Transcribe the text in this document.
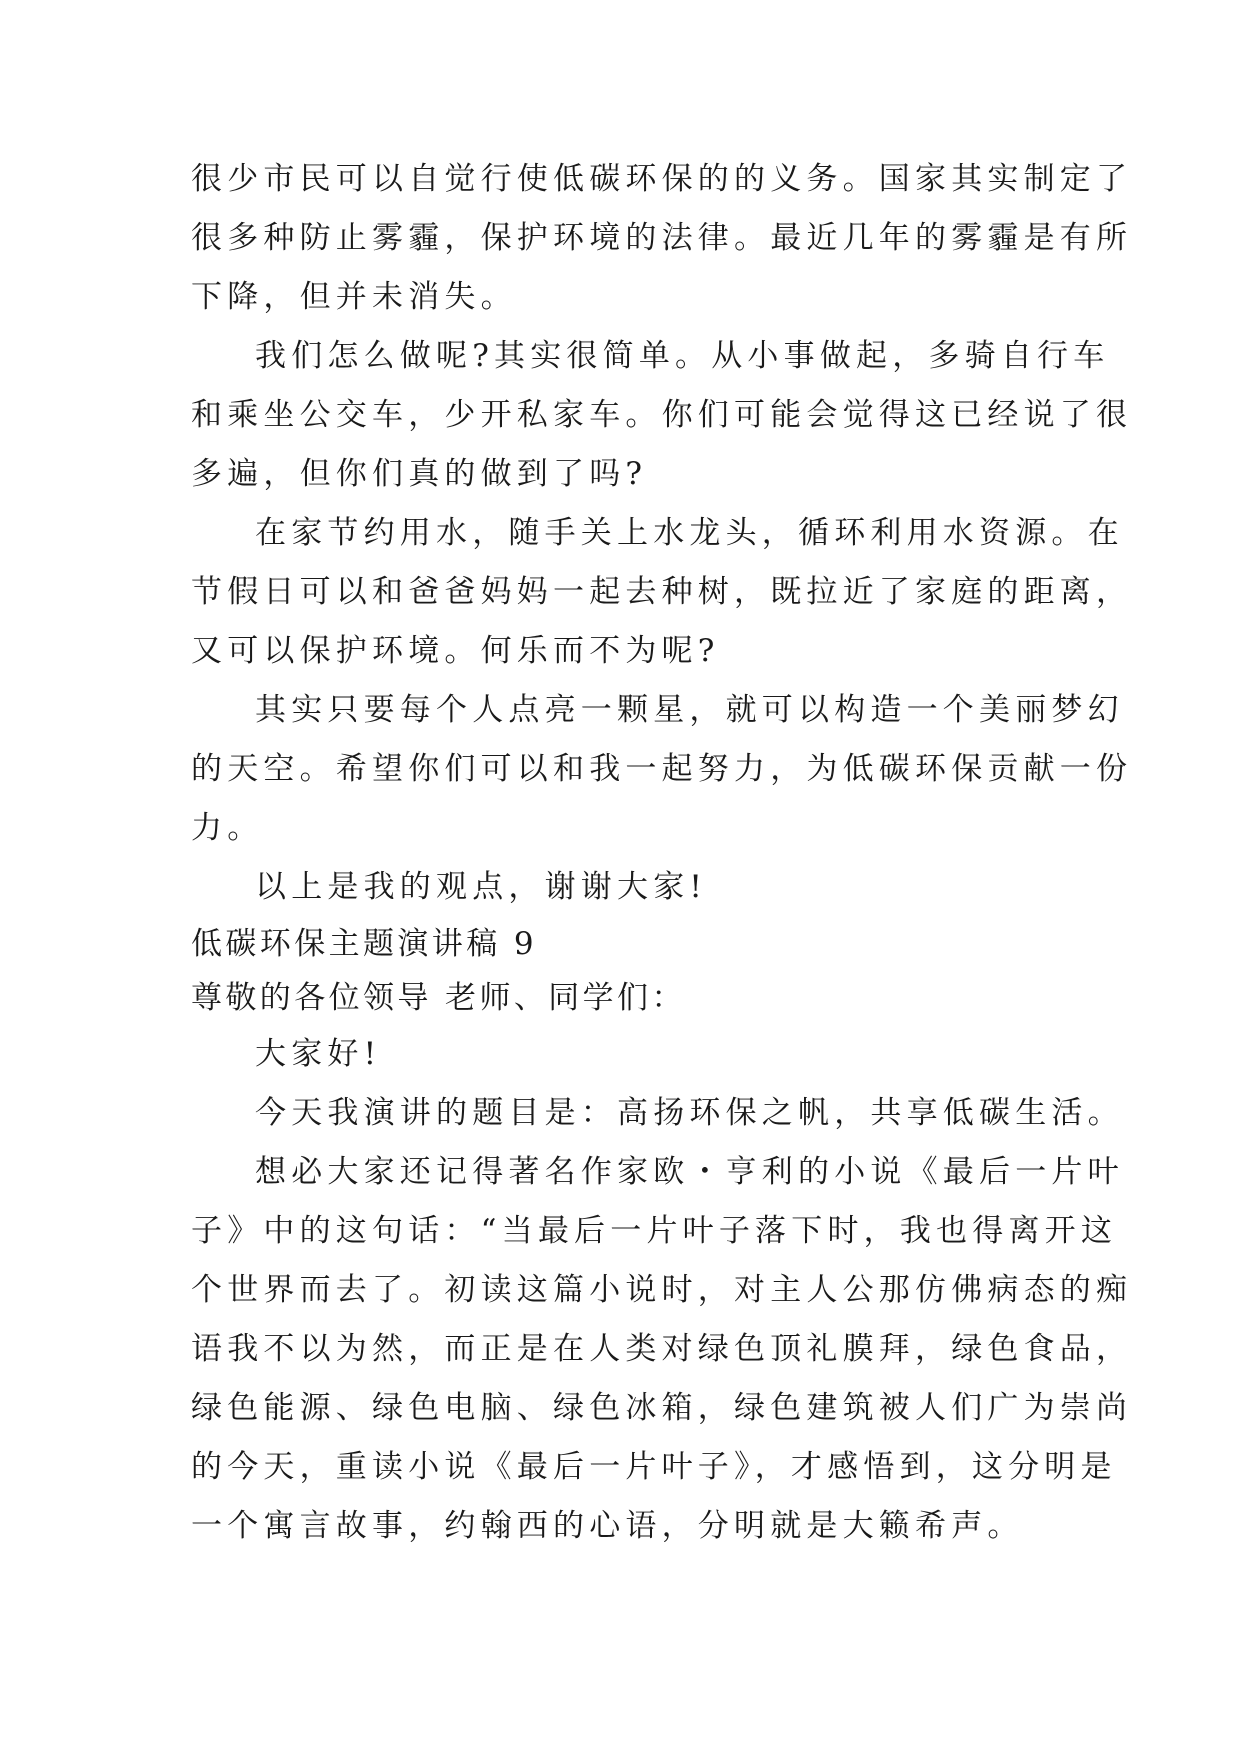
很少市民可以自觉行使低碳环保的的义务。国家其实制定了
很多种防止雾霾，保护环境的法律。最近几年的雾霾是有所
下降，但并未消失。
我们怎么做呢?其实很简单。从小事做起，多骑自行车
和乘坐公交车，少开私家车。你们可能会觉得这已经说了很
多遍，但你们真的做到了吗?
在家节约用水，随手关上水龙头，循环利用水资源。在
节假日可以和爸爸妈妈一起去种树，既拉近了家庭的距离，
又可以保护环境。何乐而不为呢?
其实只要每个人点亮一颗星，就可以构造一个美丽梦幻
的天空。希望你们可以和我一起努力，为低碳环保贡献一份
力。
以上是我的观点，谢谢大家!
低碳环保主题演讲稿 9
尊敬的各位领导 老师、同学们：
大家好!
今天我演讲的题目是：高扬环保之帆，共享低碳生活。
想必大家还记得著名作家欧・亨利的小说《最后一片叶
子》中的这句话：“当最后一片叶子落下时，我也得离开这
个世界而去了。初读这篇小说时，对主人公那仿佛病态的痴
语我不以为然，而正是在人类对绿色顶礼膜拜，绿色食品，
绿色能源、绿色电脑、绿色冰箱，绿色建筑被人们广为崇尚
的今天，重读小说《最后一片叶子》，才感悟到，这分明是
一个寓言故事，约翰西的心语，分明就是大籁希声。
